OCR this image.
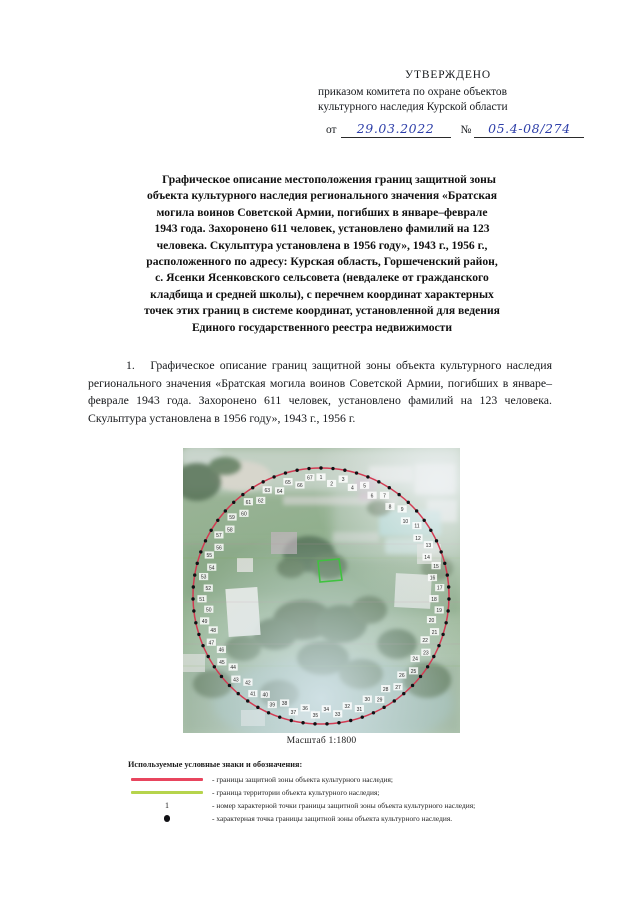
УТВЕРЖДЕНО
приказом комитета по охране объектов
культурного наследия Курской области
от	29.03.2022	№	05.4-08/274
Графическое описание местоположения границ защитной зоны
объекта культурного наследия регионального значения «Братская
могила воинов Советской Армии, погибших в январе–феврале
1943 года. Захоронено 611 человек, установлено фамилий на 123
человека. Скульптура установлена в 1956 году», 1943 г., 1956 г.,
расположенного по адресу: Курская область, Горшеченский район,
с. Ясенки Ясенковского сельсовета (невдалеке от гражданского
кладбища и средней школы), с перечнем координат характерных
точек этих границ в системе координат, установленной для ведения
Единого государственного реестра недвижимости
1. Графическое описание границ защитной зоны объекта культурного наследия регионального значения «Братская могила воинов Советской Армии, погибших в январе–феврале 1943 года. Захоронено 611 человек, установлено фамилий на 123 человека. Скульптура установлена в 1956 году», 1943 г., 1956 г.
1
2
3
4 5
6 7
8 9
10
11
12
13
14
15
16
17
18
19
20
21
22
23
24
25
26
27
28
29
30
31
32
33
34
35
36
37
38
39
40
41
42
43
44
45
46
47
48
49
50
51
52
53
54
55
56
57
58
59
60
61 62
63 64
65
66
67
Масштаб 1:1800
Используемые условные знаки и обозначения:
- границы защитной зоны объекта культурного наследия;
- граница территории объекта культурного наследия;
1	- номер характерной точки границы защитной зоны объекта культурного наследия;
- характерная точка границы защитной зоны объекта культурного наследия.
